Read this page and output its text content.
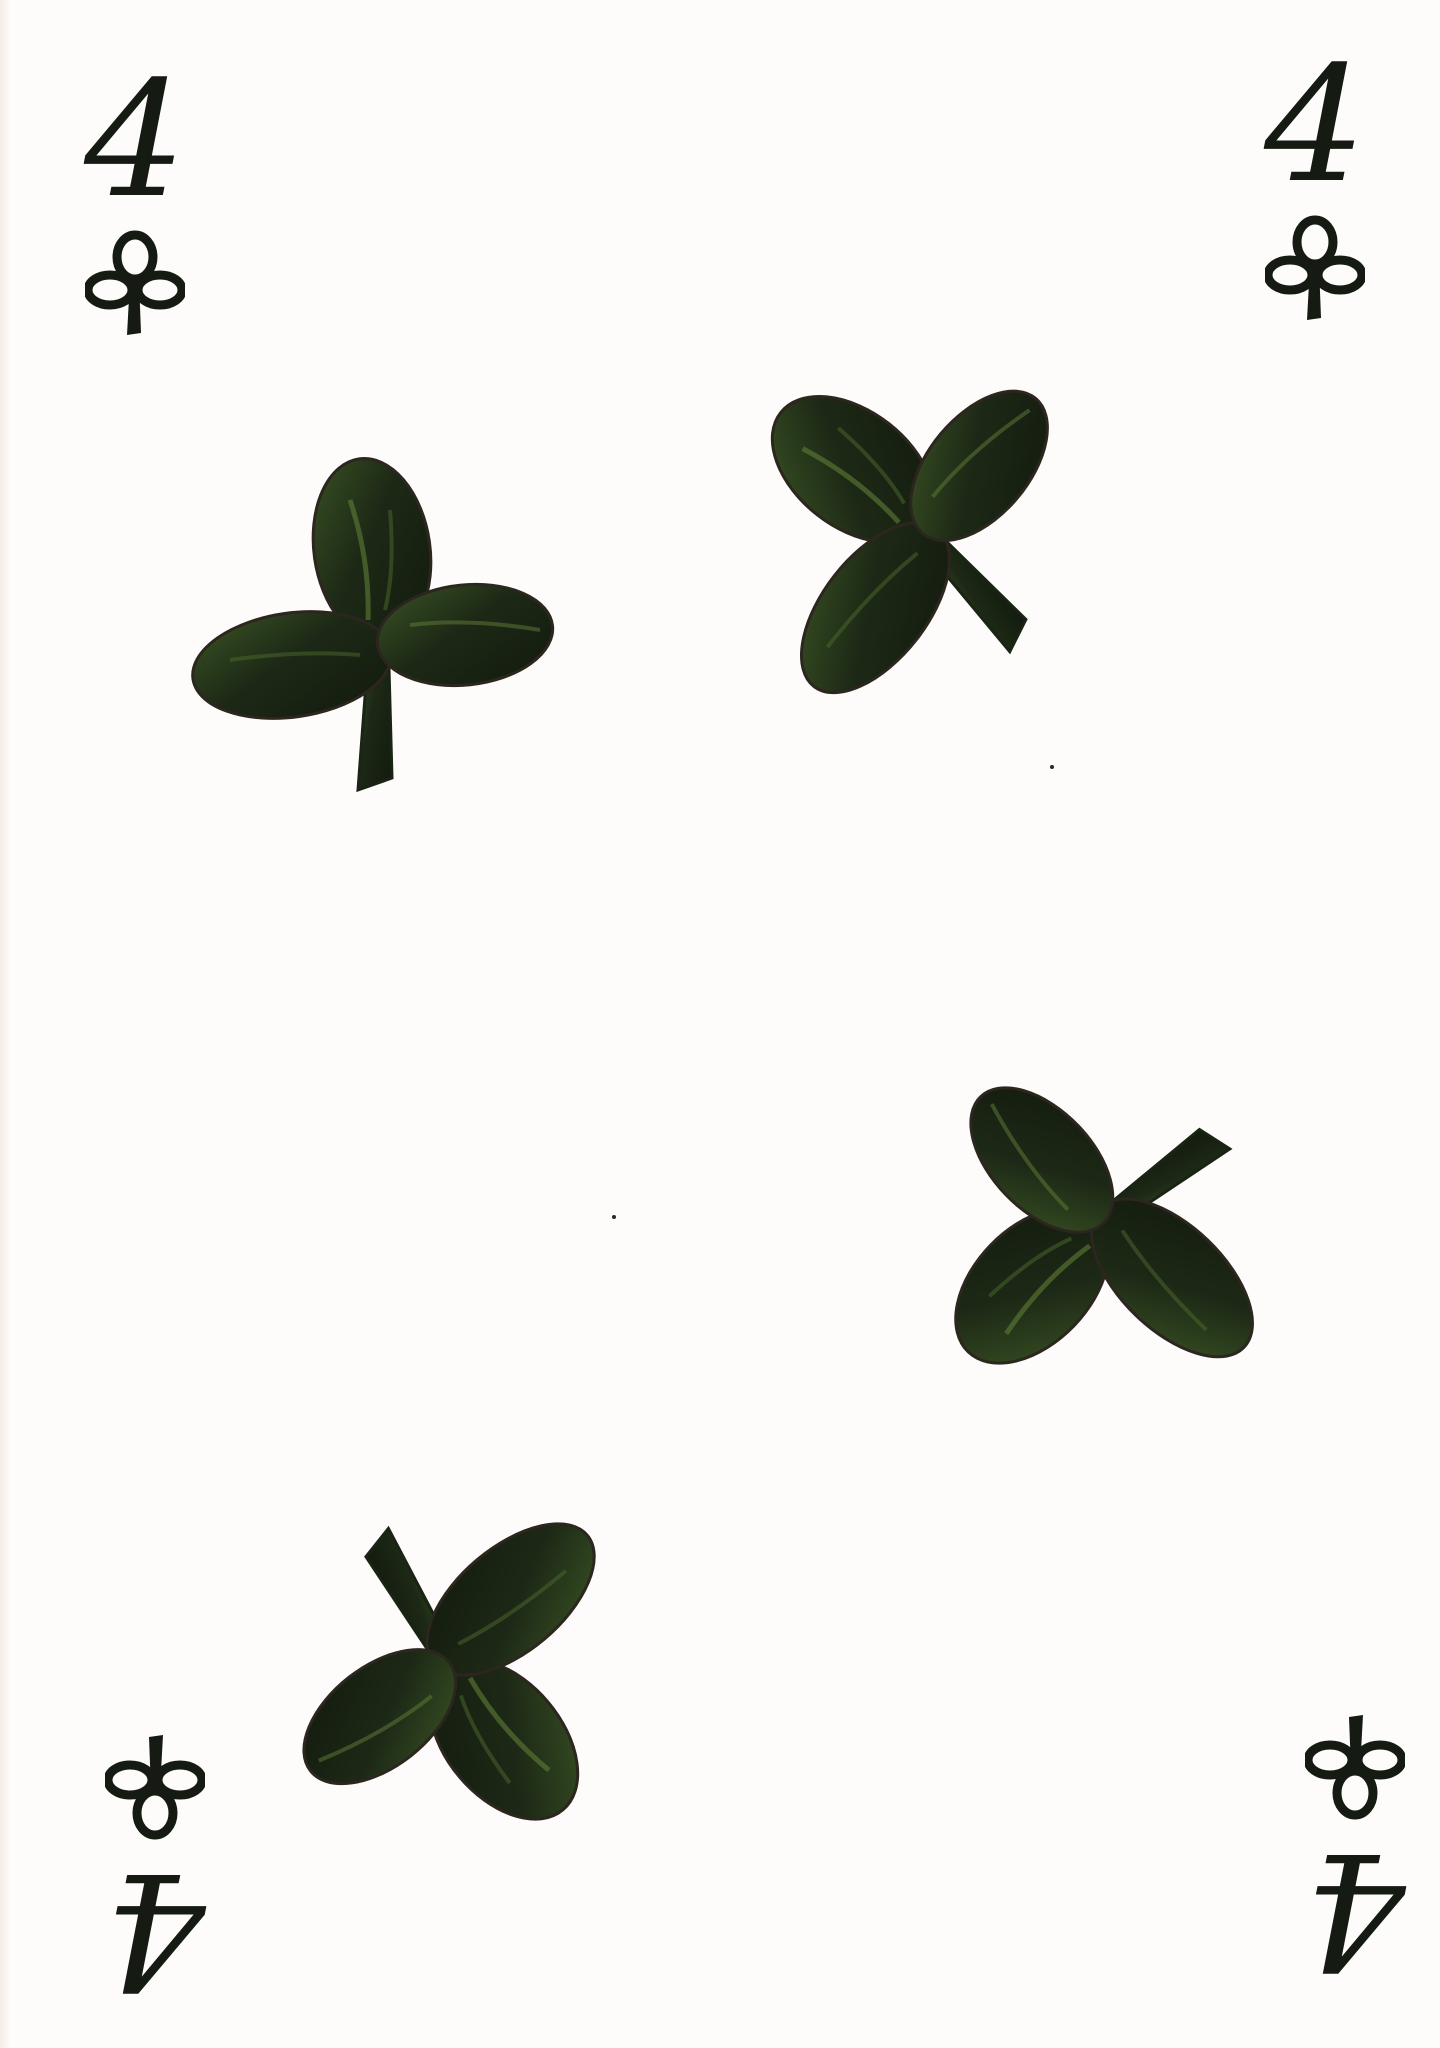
4	4
4	4
